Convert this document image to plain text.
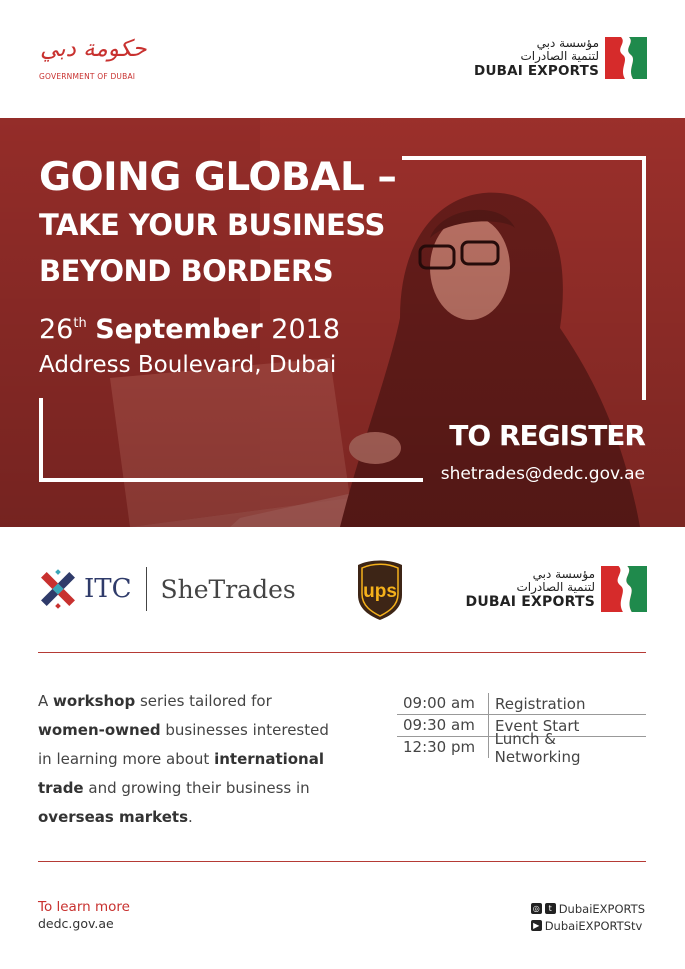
حكومة دبي
GOVERNMENT OF DUBAI
مؤسسة دبي
لتنمية الصادرات
DUBAI EXPORTS
GOING GLOBAL –
TAKE YOUR BUSINESS
BEYOND BORDERS
26th September 2018
Address Boulevard, Dubai
TO REGISTER
shetrades@dedc.gov.ae
ITC SheTrades	ups
مؤسسة دبي
لتنمية الصادرات
DUBAI EXPORTS
A workshop series tailored for women-owned businesses interested in learning more about international trade and growing their business in overseas markets.
09:00 am	Registration
09:30 am	Event Start
12:30 pm	Lunch & Networking
To learn more
dedc.gov.ae
◎	t DubaiEXPORTS
▶ DubaiEXPORTStv
